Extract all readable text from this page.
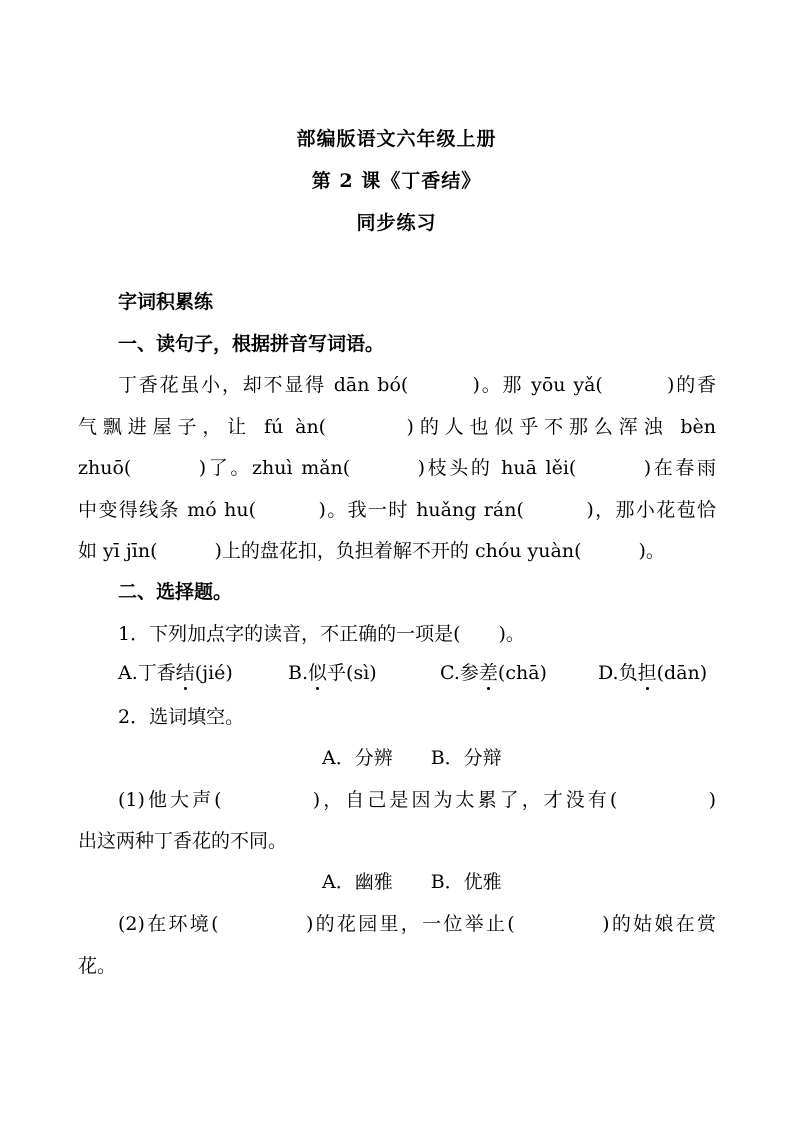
部编版语文六年级上册
第 2 课《丁香结》
同步练习
字词积累练
一、读句子，根据拼音写词语。
丁香花虽小，却不显得 dān bó(　　　)。那 yōu yǎ(　　　)的香
气飘进屋子，让 fú àn(　　　)的人也似乎不那么浑浊 bèn
zhuō(　　　)了。zhuì mǎn(　　　)枝头的 huā lěi(　　　)在春雨
中变得线条 mó hu(　　　)。我一时 huǎng rán(　　　)，那小花苞恰
如 yī jīn(　　　)上的盘花扣，负担着解不开的 chóu yuàn(　　　)。
二、选择题。
1．下列加点字的读音，不正确的一项是(　　)。
A.丁香结(jié)	B.似乎(sì)	C.参差(chā)	D.负担(dān)
2．选词填空。
A．分辨　　B．分辩
(1)他大声(　　　　)，自己是因为太累了，才没有(　　　　)
出这两种丁香花的不同。
A．幽雅　　B．优雅
(2)在环境(　　　　)的花园里，一位举止(　　　　)的姑娘在赏
花。
